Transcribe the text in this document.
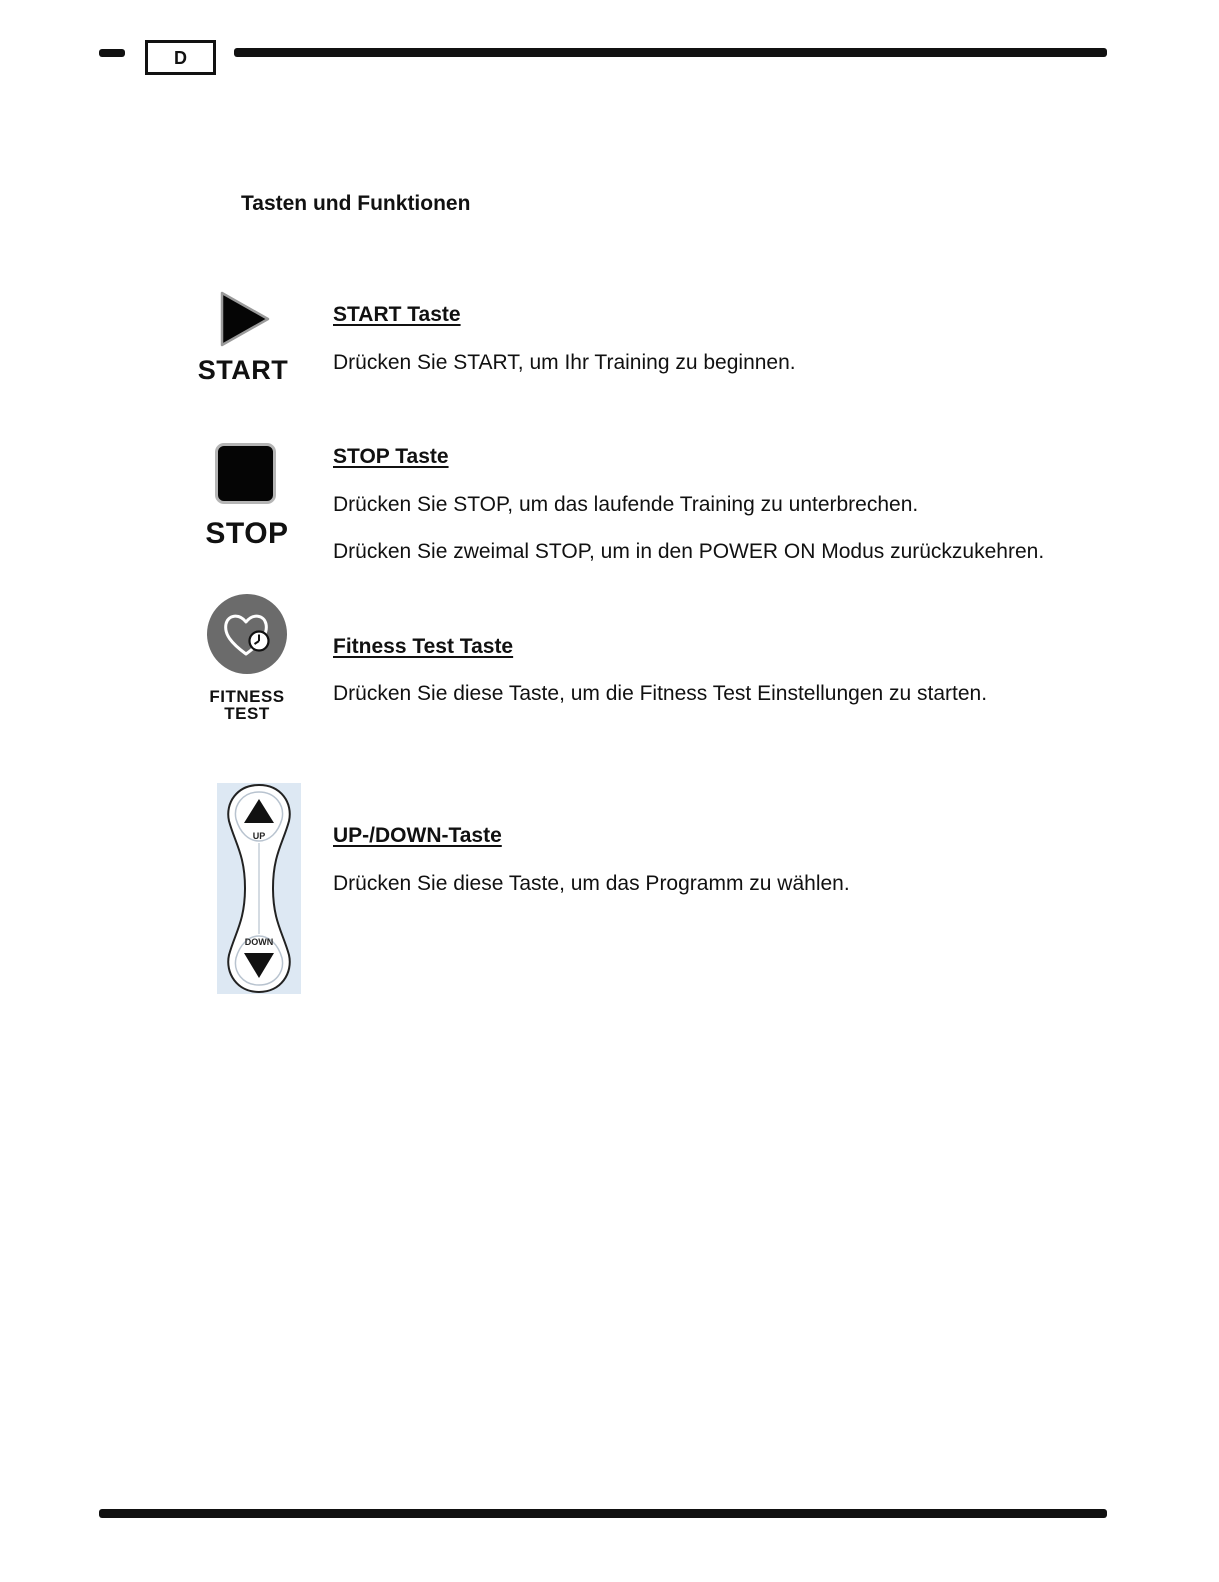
D
Tasten und Funktionen
START
START Taste
Drücken Sie START, um Ihr Training zu beginnen.
STOP
STOP Taste
Drücken Sie STOP, um das laufende Training zu unterbrechen.
Drücken Sie zweimal STOP, um in den POWER ON Modus zurückzukehren.
FITNESS
TEST
Fitness Test Taste
Drücken Sie diese Taste, um die Fitness Test Einstellungen zu starten.
UP
DOWN
UP-/DOWN-Taste
Drücken Sie diese Taste, um das Programm zu wählen.
